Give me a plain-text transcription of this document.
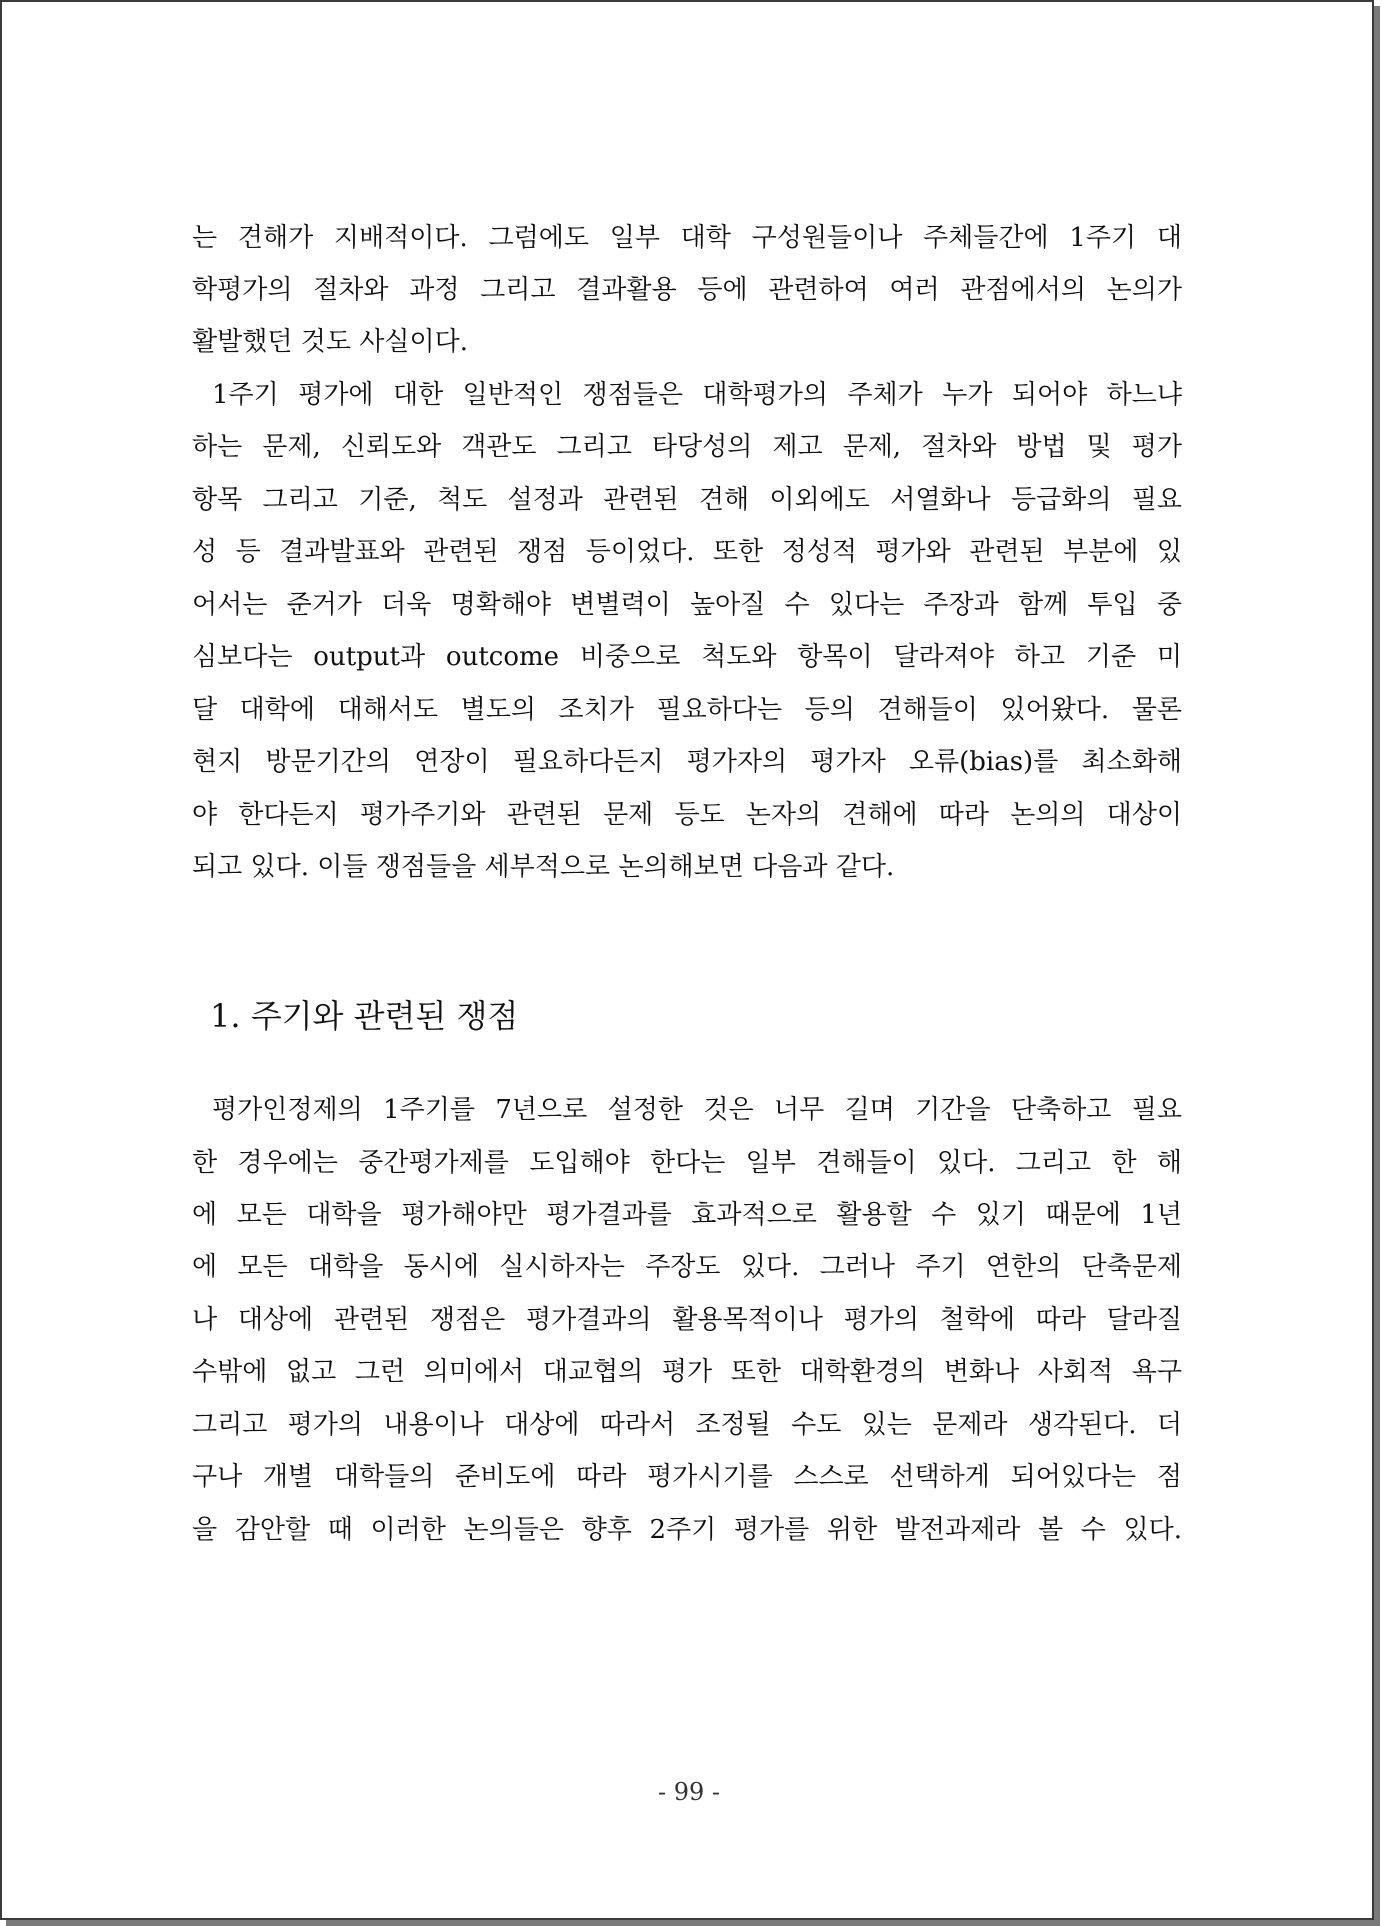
는 견해가 지배적이다. 그럼에도 일부 대학 구성원들이나 주체들간에 1주기 대
학평가의 절차와 과정 그리고 결과활용 등에 관련하여 여러 관점에서의 논의가
활발했던 것도 사실이다.
1주기 평가에 대한 일반적인 쟁점들은 대학평가의 주체가 누가 되어야 하느냐
하는 문제, 신뢰도와 객관도 그리고 타당성의 제고 문제, 절차와 방법 및 평가
항목 그리고 기준, 척도 설정과 관련된 견해 이외에도 서열화나 등급화의 필요
성 등 결과발표와 관련된 쟁점 등이었다. 또한 정성적 평가와 관련된 부분에 있
어서는 준거가 더욱 명확해야 변별력이 높아질 수 있다는 주장과 함께 투입 중
심보다는 output과 outcome 비중으로 척도와 항목이 달라져야 하고 기준 미
달 대학에 대해서도 별도의 조치가 필요하다는 등의 견해들이 있어왔다. 물론
현지 방문기간의 연장이 필요하다든지 평가자의 평가자 오류(bias)를 최소화해
야 한다든지 평가주기와 관련된 문제 등도 논자의 견해에 따라 논의의 대상이
되고 있다. 이들 쟁점들을 세부적으로 논의해보면 다음과 같다.
1. 주기와 관련된 쟁점
평가인정제의 1주기를 7년으로 설정한 것은 너무 길며 기간을 단축하고 필요
한 경우에는 중간평가제를 도입해야 한다는 일부 견해들이 있다. 그리고 한 해
에 모든 대학을 평가해야만 평가결과를 효과적으로 활용할 수 있기 때문에 1년
에 모든 대학을 동시에 실시하자는 주장도 있다. 그러나 주기 연한의 단축문제
나 대상에 관련된 쟁점은 평가결과의 활용목적이나 평가의 철학에 따라 달라질
수밖에 없고 그런 의미에서 대교협의 평가 또한 대학환경의 변화나 사회적 욕구
그리고 평가의 내용이나 대상에 따라서 조정될 수도 있는 문제라 생각된다. 더
구나 개별 대학들의 준비도에 따라 평가시기를 스스로 선택하게 되어있다는 점
을 감안할 때 이러한 논의들은 향후 2주기 평가를 위한 발전과제라 볼 수 있다.
- 99 -
